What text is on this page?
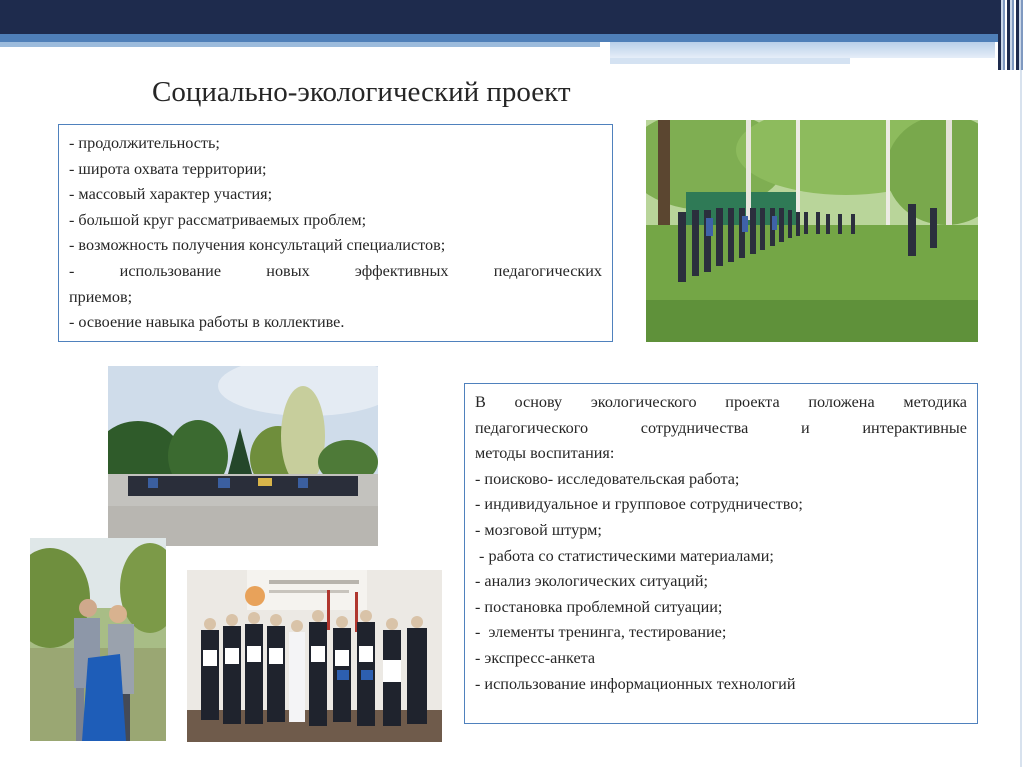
Социально-экологический проект
- продолжительность;
- широта охвата территории;
- массовый характер участия;
- большой круг рассматриваемых проблем;
- возможность получения консультаций специалистов;
- использование новых эффективных педагогических
приемов;
- освоение навыка работы в коллективе.
В основу экологического проекта положена методика
педагогического сотрудничества и интерактивные
методы воспитания:
- поисково- исследовательская работа;
- индивидуальное и групповое сотрудничество;
- мозговой штурм;
- работа со статистическими материалами;
- анализ экологических ситуаций;
- постановка проблемной ситуации;
-  элементы тренинга, тестирование;
- экспресс-анкета
- использование информационных технологий
